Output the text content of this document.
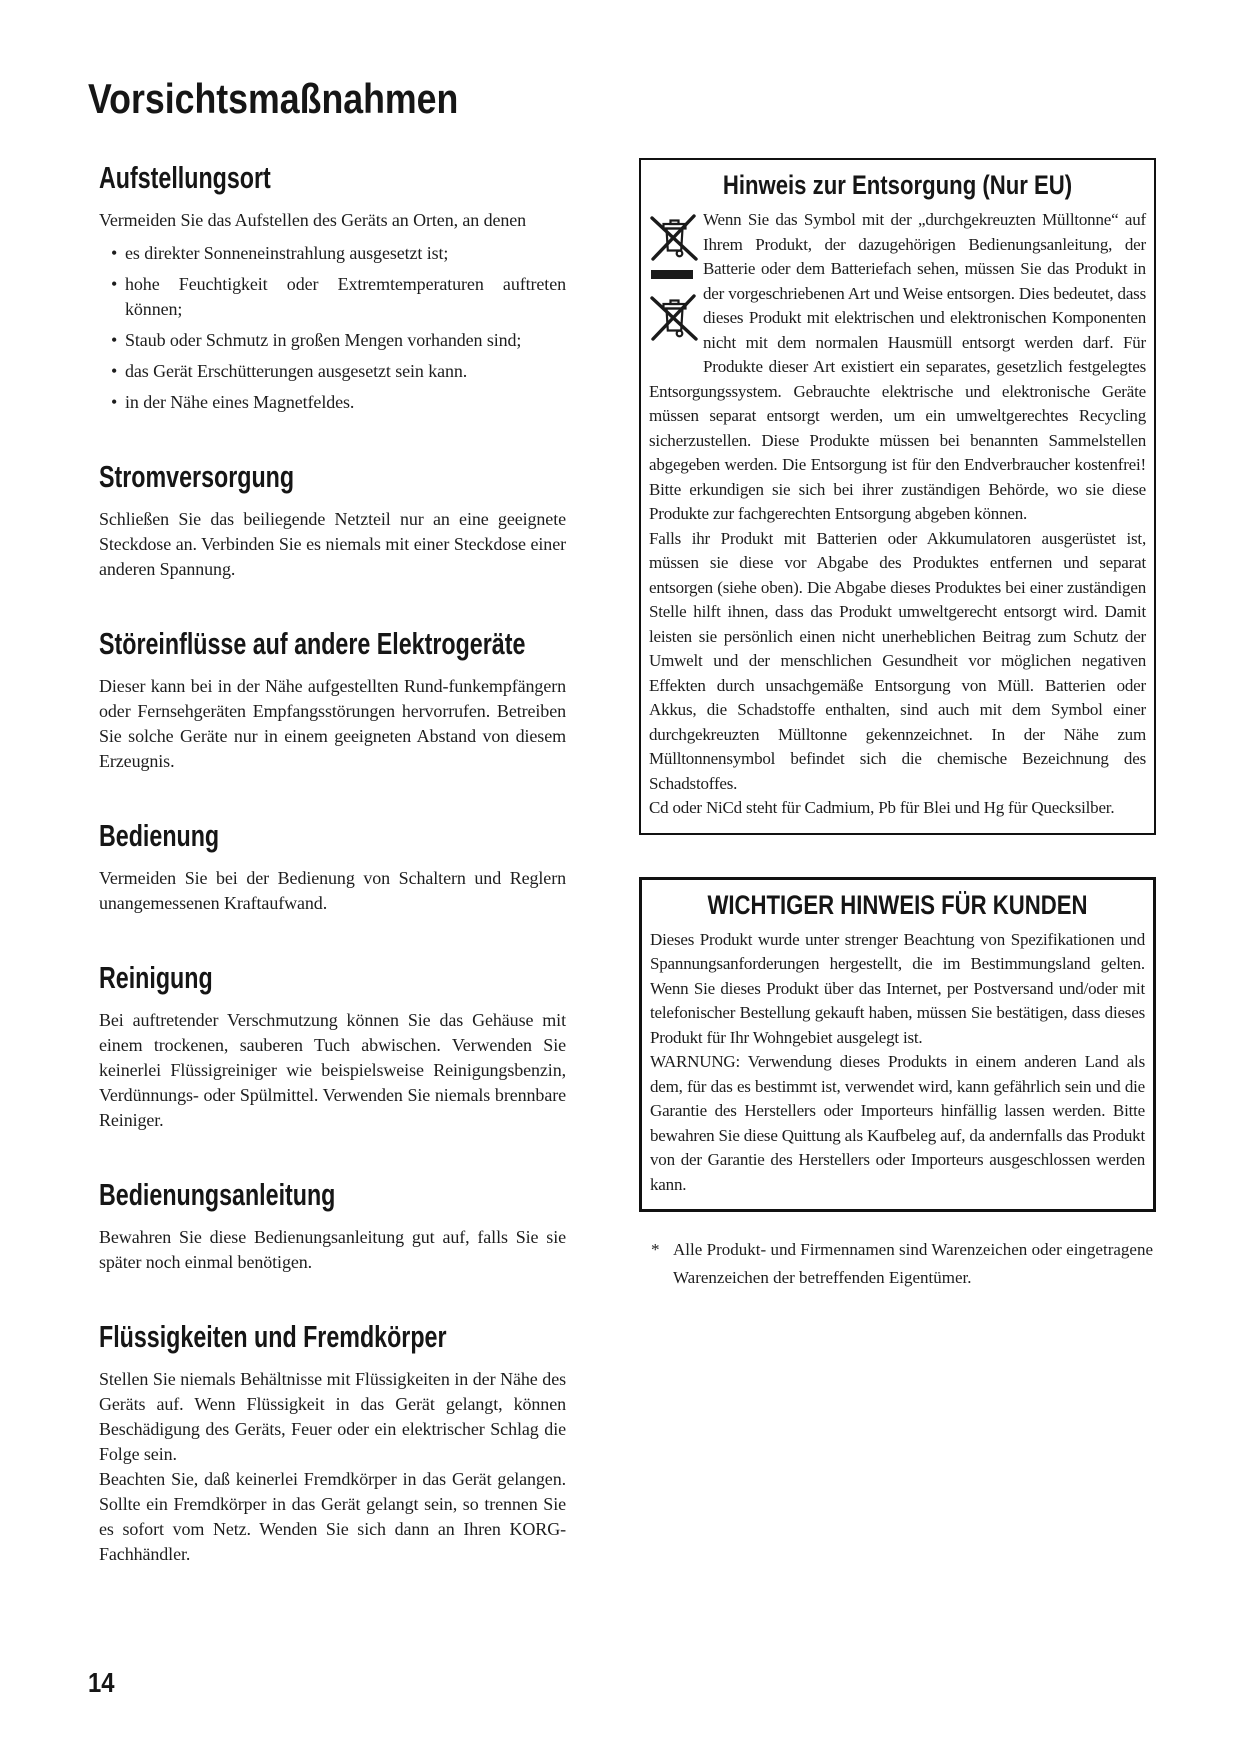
Vorsichtsmaßnahmen
Aufstellungsort

Vermeiden Sie das Aufstellen des Geräts an Orten, an denen

• es direkter Sonneneinstrahlung ausgesetzt ist;
• hohe Feuchtigkeit oder Extremtemperaturen auftreten können;
• Staub oder Schmutz in großen Mengen vorhanden sind;
• das Gerät Erschütterungen ausgesetzt sein kann.
• in der Nähe eines Magnetfeldes.
Stromversorgung

Schließen Sie das beiliegende Netzteil nur an eine geeignete Steckdose an. Verbinden Sie es niemals mit einer Steckdose einer anderen Spannung.

Störeinflüsse auf andere Elektrogeräte

Dieser kann bei in der Nähe aufgestellten Rund-funkempfängern oder Fernsehgeräten Empfangsstörungen hervorrufen. Betreiben Sie solche Geräte nur in einem geeigneten Abstand von diesem Erzeugnis.

Bedienung

Vermeiden Sie bei der Bedienung von Schaltern und Reglern unangemessenen Kraftaufwand.

Reinigung

Bei auftretender Verschmutzung können Sie das Gehäuse mit einem trockenen, sauberen Tuch abwischen. Verwenden Sie keinerlei Flüssigreiniger wie beispielsweise Reinigungsbenzin, Verdünnungs- oder Spülmittel. Verwenden Sie niemals brennbare Reiniger.

Bedienungsanleitung

Bewahren Sie diese Bedienungsanleitung gut auf, falls Sie sie später noch einmal benötigen.

Flüssigkeiten und Fremdkörper

Stellen Sie niemals Behältnisse mit Flüssigkeiten in der Nähe des Geräts auf. Wenn Flüssigkeit in das Gerät gelangt, können Beschädigung des Geräts, Feuer oder ein elektrischer Schlag die Folge sein.

Beachten Sie, daß keinerlei Fremdkörper in das Gerät gelangen. Sollte ein Fremdkörper in das Gerät gelangt sein, so trennen Sie es sofort vom Netz. Wenden Sie sich dann an Ihren KORG-Fachhändler.

Hinweis zur Entsorgung (Nur EU)

Wenn Sie das Symbol mit der „durchgekreuzten Mülltonne“ auf Ihrem Produkt, der dazugehörigen Bedienungsanleitung, der Batterie oder dem Batteriefach sehen, müssen Sie das Produkt in der vorgeschriebenen Art und Weise entsorgen. Dies bedeutet, dass dieses Produkt mit elektrischen und elektronischen Komponenten nicht mit dem normalen Hausmüll entsorgt werden darf. Für Produkte dieser Art existiert ein separates, gesetzlich festgelegtes Entsorgungssystem. Gebrauchte elektrische und elektronische Geräte müssen separat entsorgt werden, um ein umweltgerechtes Recycling sicherzustellen. Diese Produkte müssen bei benannten Sammelstellen abgegeben werden. Die Entsorgung ist für den Endverbraucher kostenfrei! Bitte erkundigen sie sich bei ihrer zuständigen Behörde, wo sie diese Produkte zur fachgerechten Entsorgung abgeben können.

Falls ihr Produkt mit Batterien oder Akkumulatoren ausgerüstet ist, müssen sie diese vor Abgabe des Produktes entfernen und separat entsorgen (siehe oben). Die Abgabe dieses Produktes bei einer zuständigen Stelle hilft ihnen, dass das Produkt umweltgerecht entsorgt wird. Damit leisten sie persönlich einen nicht unerheblichen Beitrag zum Schutz der Umwelt und der menschlichen Gesundheit vor möglichen negativen Effekten durch unsachgemäße Entsorgung von Müll. Batterien oder Akkus, die Schadstoffe enthalten, sind auch mit dem Symbol einer durchgekreuzten Mülltonne gekennzeichnet. In der Nähe zum Mülltonnensymbol befindet sich die chemische Bezeichnung des Schadstoffes.

Cd oder NiCd steht für Cadmium, Pb für Blei und Hg für Quecksilber.

WICHTIGER HINWEIS FÜR KUNDEN

Dieses Produkt wurde unter strenger Beachtung von Spezifikationen und Spannungsanforderungen hergestellt, die im Bestimmungsland gelten. Wenn Sie dieses Produkt über das Internet, per Postversand und/oder mit telefonischer Bestellung gekauft haben, müssen Sie bestätigen, dass dieses Produkt für Ihr Wohngebiet ausgelegt ist.

WARNUNG: Verwendung dieses Produkts in einem anderen Land als dem, für das es bestimmt ist, verwendet wird, kann gefährlich sein und die Garantie des Herstellers oder Importeurs hinfällig lassen werden. Bitte bewahren Sie diese Quittung als Kaufbeleg auf, da andernfalls das Produkt von der Garantie des Herstellers oder Importeurs ausgeschlossen werden kann.

* Alle Produkt- und Firmennamen sind Warenzeichen oder eingetragene Warenzeichen der betreffenden Eigentümer.
14
